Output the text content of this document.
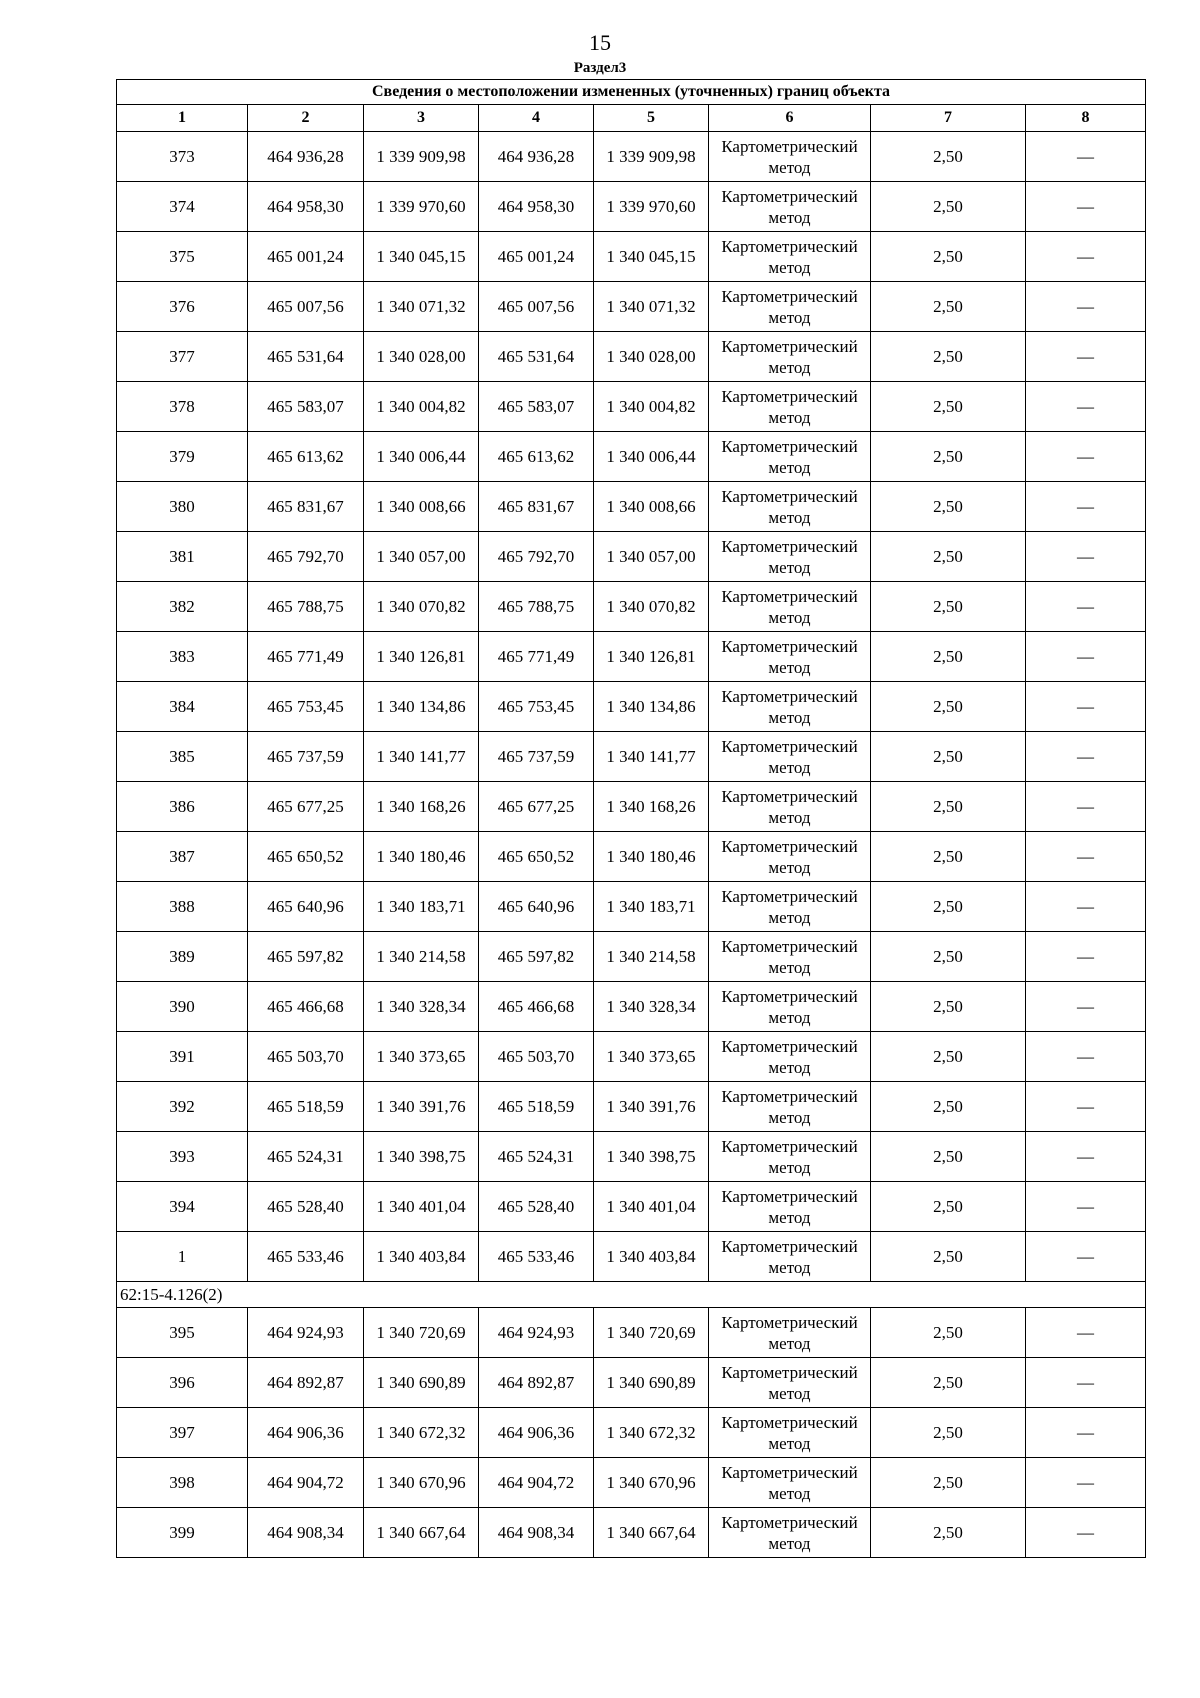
15
Раздел3
Сведения о местоположении измененных (уточненных) границ объекта							
1	2	3	4	5	6	7	8
373	464 936,28	1 339 909,98	464 936,28	1 339 909,98	Картометрический метод	2,50	—
374	464 958,30	1 339 970,60	464 958,30	1 339 970,60	Картометрический метод	2,50	—
375	465 001,24	1 340 045,15	465 001,24	1 340 045,15	Картометрический метод	2,50	—
376	465 007,56	1 340 071,32	465 007,56	1 340 071,32	Картометрический метод	2,50	—
377	465 531,64	1 340 028,00	465 531,64	1 340 028,00	Картометрический метод	2,50	—
378	465 583,07	1 340 004,82	465 583,07	1 340 004,82	Картометрический метод	2,50	—
379	465 613,62	1 340 006,44	465 613,62	1 340 006,44	Картометрический метод	2,50	—
380	465 831,67	1 340 008,66	465 831,67	1 340 008,66	Картометрический метод	2,50	—
381	465 792,70	1 340 057,00	465 792,70	1 340 057,00	Картометрический метод	2,50	—
382	465 788,75	1 340 070,82	465 788,75	1 340 070,82	Картометрический метод	2,50	—
383	465 771,49	1 340 126,81	465 771,49	1 340 126,81	Картометрический метод	2,50	—
384	465 753,45	1 340 134,86	465 753,45	1 340 134,86	Картометрический метод	2,50	—
385	465 737,59	1 340 141,77	465 737,59	1 340 141,77	Картометрический метод	2,50	—
386	465 677,25	1 340 168,26	465 677,25	1 340 168,26	Картометрический метод	2,50	—
387	465 650,52	1 340 180,46	465 650,52	1 340 180,46	Картометрический метод	2,50	—
388	465 640,96	1 340 183,71	465 640,96	1 340 183,71	Картометрический метод	2,50	—
389	465 597,82	1 340 214,58	465 597,82	1 340 214,58	Картометрический метод	2,50	—
390	465 466,68	1 340 328,34	465 466,68	1 340 328,34	Картометрический метод	2,50	—
391	465 503,70	1 340 373,65	465 503,70	1 340 373,65	Картометрический метод	2,50	—
392	465 518,59	1 340 391,76	465 518,59	1 340 391,76	Картометрический метод	2,50	—
393	465 524,31	1 340 398,75	465 524,31	1 340 398,75	Картометрический метод	2,50	—
394	465 528,40	1 340 401,04	465 528,40	1 340 401,04	Картометрический метод	2,50	—
1	465 533,46	1 340 403,84	465 533,46	1 340 403,84	Картометрический метод	2,50	—
62:15-4.126(2)							
395	464 924,93	1 340 720,69	464 924,93	1 340 720,69	Картометрический метод	2,50	—
396	464 892,87	1 340 690,89	464 892,87	1 340 690,89	Картометрический метод	2,50	—
397	464 906,36	1 340 672,32	464 906,36	1 340 672,32	Картометрический метод	2,50	—
398	464 904,72	1 340 670,96	464 904,72	1 340 670,96	Картометрический метод	2,50	—
399	464 908,34	1 340 667,64	464 908,34	1 340 667,64	Картометрический метод	2,50	—
